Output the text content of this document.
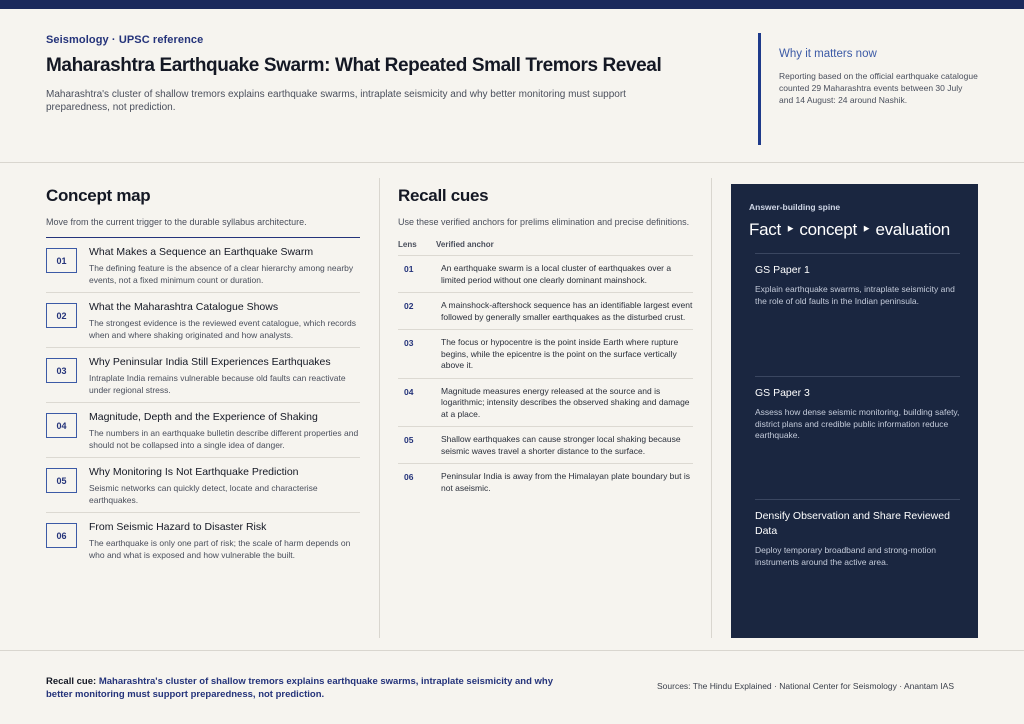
Seismology · UPSC reference
Maharashtra Earthquake Swarm: What Repeated Small Tremors Reveal

Maharashtra's cluster of shallow tremors explains earthquake swarms, intraplate seismicity and why better monitoring must support preparedness, not prediction.

Why it matters now
Reporting based on the official earthquake catalogue counted 29 Maharashtra events between 30 July and 14 August: 24 around Nashik.
Concept map

Move from the current trigger to the durable syllabus architecture.

01
What Makes a Sequence an Earthquake Swarm
The defining feature is the absence of a clear hierarchy among nearby events, not a fixed minimum count or duration.
02
What the Maharashtra Catalogue Shows
The strongest evidence is the reviewed event catalogue, which records when and where shaking originated and how analysts.
03
Why Peninsular India Still Experiences Earthquakes
Intraplate India remains vulnerable because old faults can reactivate under regional stress.
04
Magnitude, Depth and the Experience of Shaking
The numbers in an earthquake bulletin describe different properties and should not be collapsed into a single idea of danger.
05
Why Monitoring Is Not Earthquake Prediction
Seismic networks can quickly detect, locate and characterise earthquakes.
06
From Seismic Hazard to Disaster Risk
The earthquake is only one part of risk; the scale of harm depends on who and what is exposed and how vulnerable the built.
Recall cues

Use these verified anchors for prelims elimination and precise definitions.

Lens	Verified anchor
01	An earthquake swarm is a local cluster of earthquakes over a limited period without one clearly dominant mainshock.
02	A mainshock-aftershock sequence has an identifiable largest event followed by generally smaller earthquakes as the disturbed crust.
03	The focus or hypocentre is the point inside Earth where rupture begins, while the epicentre is the point on the surface vertically above it.
04	Magnitude measures energy released at the source and is logarithmic; intensity describes the observed shaking and damage at a place.
05	Shallow earthquakes can cause stronger local shaking because seismic waves travel a shorter distance to the surface.
06	Peninsular India is away from the Himalayan plate boundary but is not aseismic.
Answer-building spine
Fact ‣ concept ‣ evaluation
GS Paper 1
Explain earthquake swarms, intraplate seismicity and the role of old faults in the Indian peninsula.
GS Paper 3
Assess how dense seismic monitoring, building safety, district plans and credible public information reduce earthquake.
Densify Observation and Share Reviewed Data
Deploy temporary broadband and strong-motion instruments around the active area.
Recall cue: Maharashtra's cluster of shallow tremors explains earthquake swarms, intraplate seismicity and why better monitoring must support preparedness, not prediction.
Sources: The Hindu Explained · National Center for Seismology · Anantam IAS
